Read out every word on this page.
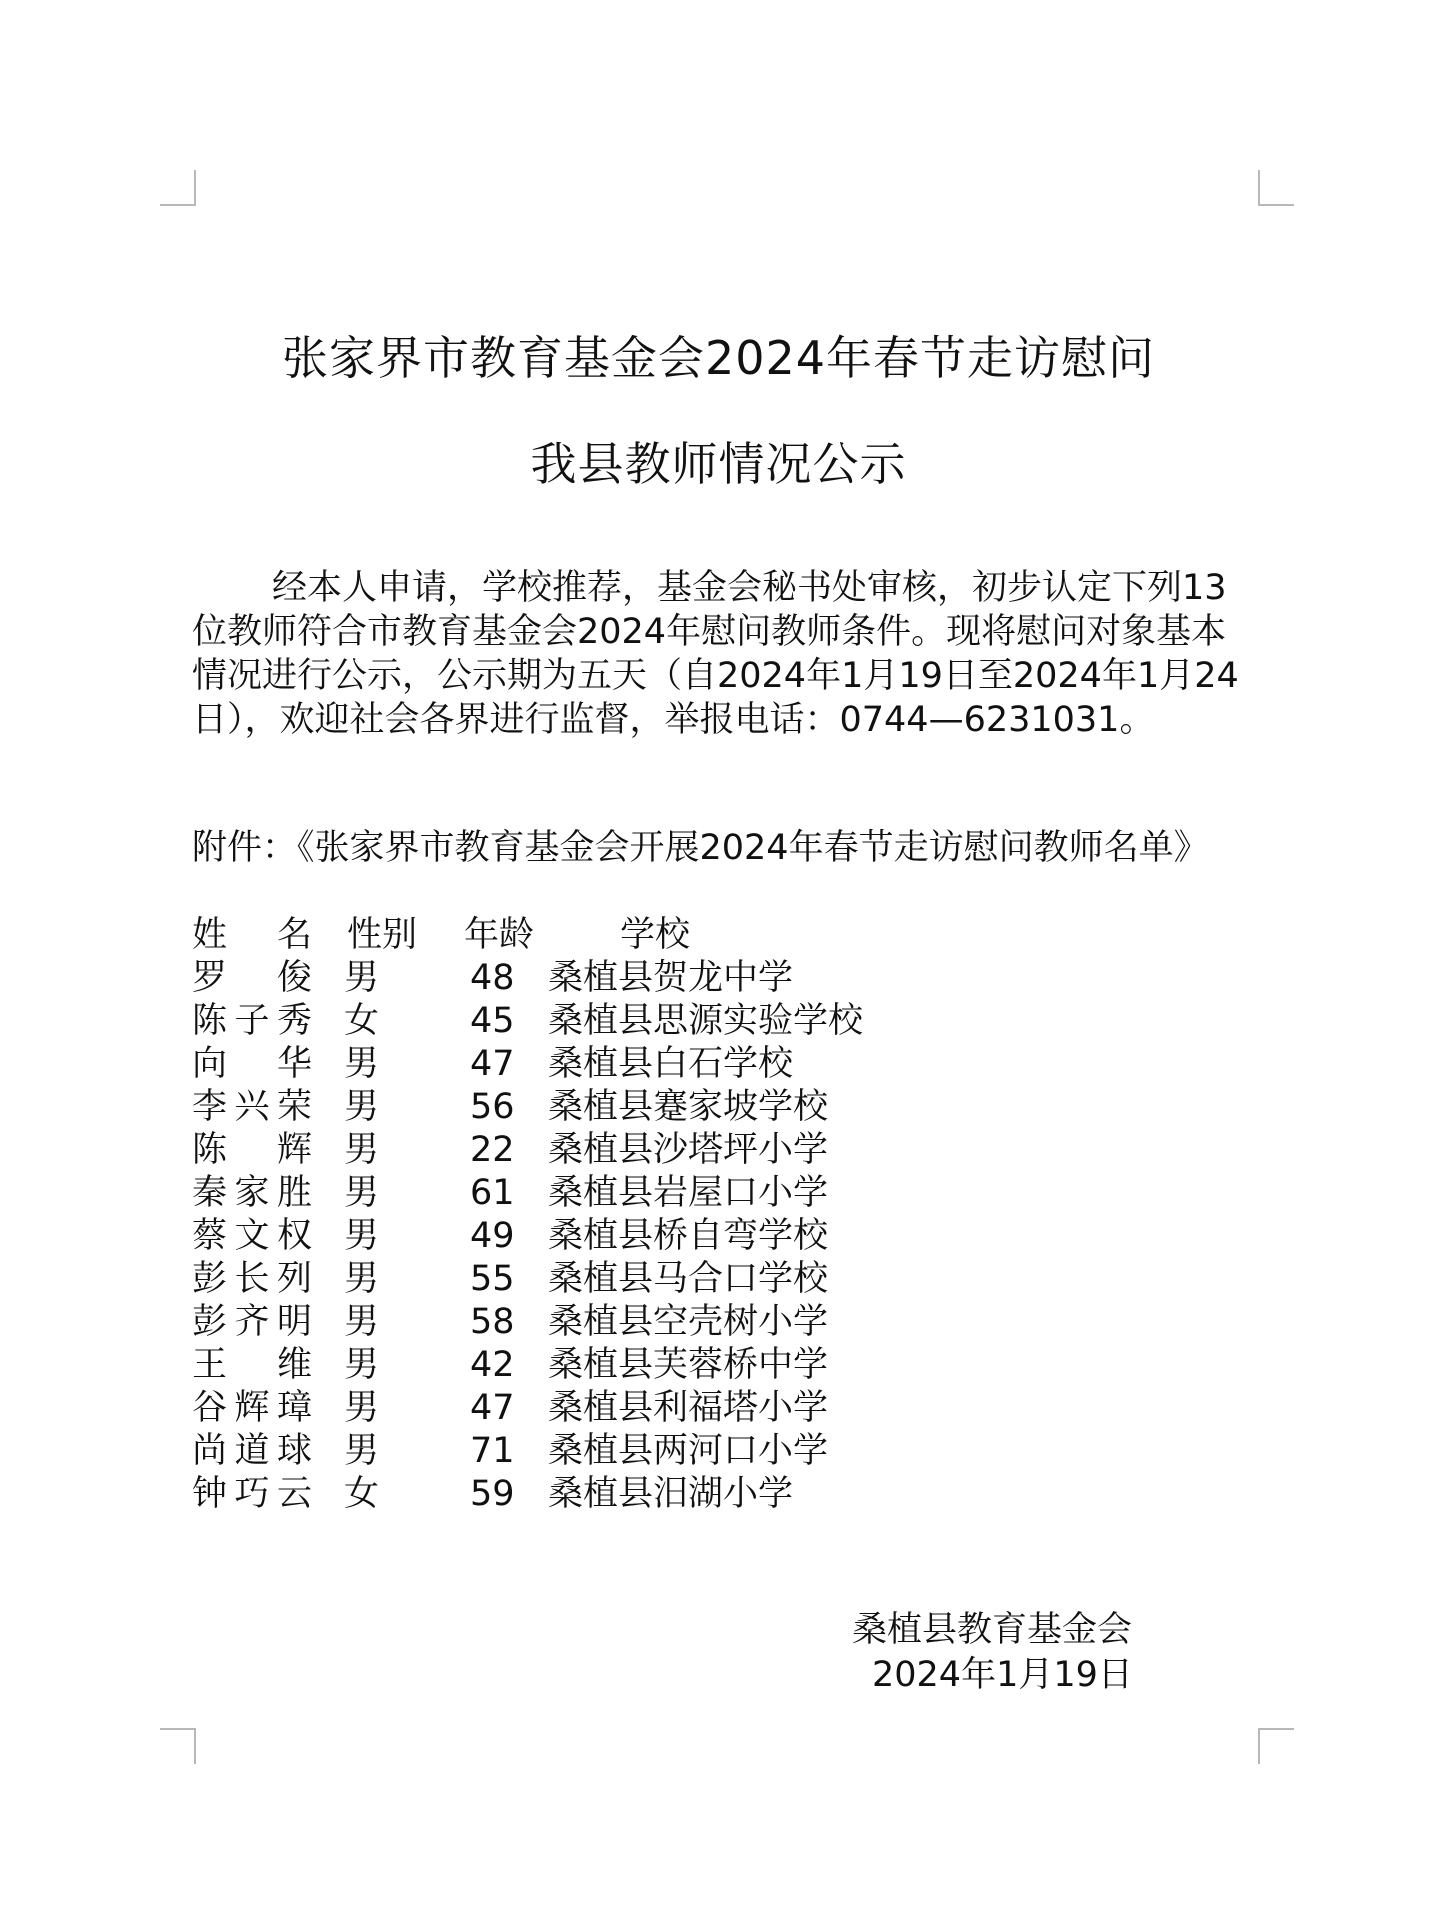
张家界市教育基金会2024年春节走访慰问
我县教师情况公示

经本人申请，学校推荐，基金会秘书处审核，初步认定下列13位教师符合市教育基金会2024年慰问教师条件。现将慰问对象基本情况进行公示，公示期为五天（自2024年1月19日至2024年1月24日），欢迎社会各界进行监督，举报电话：0744—6231031。

附件：《张家界市教育基金会开展2024年春节走访慰问教师名单》

姓名 性别 年龄 学校
罗俊 男	48 桑植县贺龙中学
陈子秀 女	45 桑植县思源实验学校
向华 男	47 桑植县白石学校
李兴荣 男	56 桑植县蹇家坡学校
陈辉 男	22 桑植县沙塔坪小学
秦家胜 男	61 桑植县岩屋口小学
蔡文权 男	49 桑植县桥自弯学校
彭长列 男	55 桑植县马合口学校
彭齐明 男	58 桑植县空壳树小学
王维 男	42 桑植县芙蓉桥中学
谷辉璋 男	47 桑植县利福塔小学
尚道球 男	71 桑植县两河口小学
钟巧云 女	59 桑植县汨湖小学
桑植县教育基金会
2024年1月19日
